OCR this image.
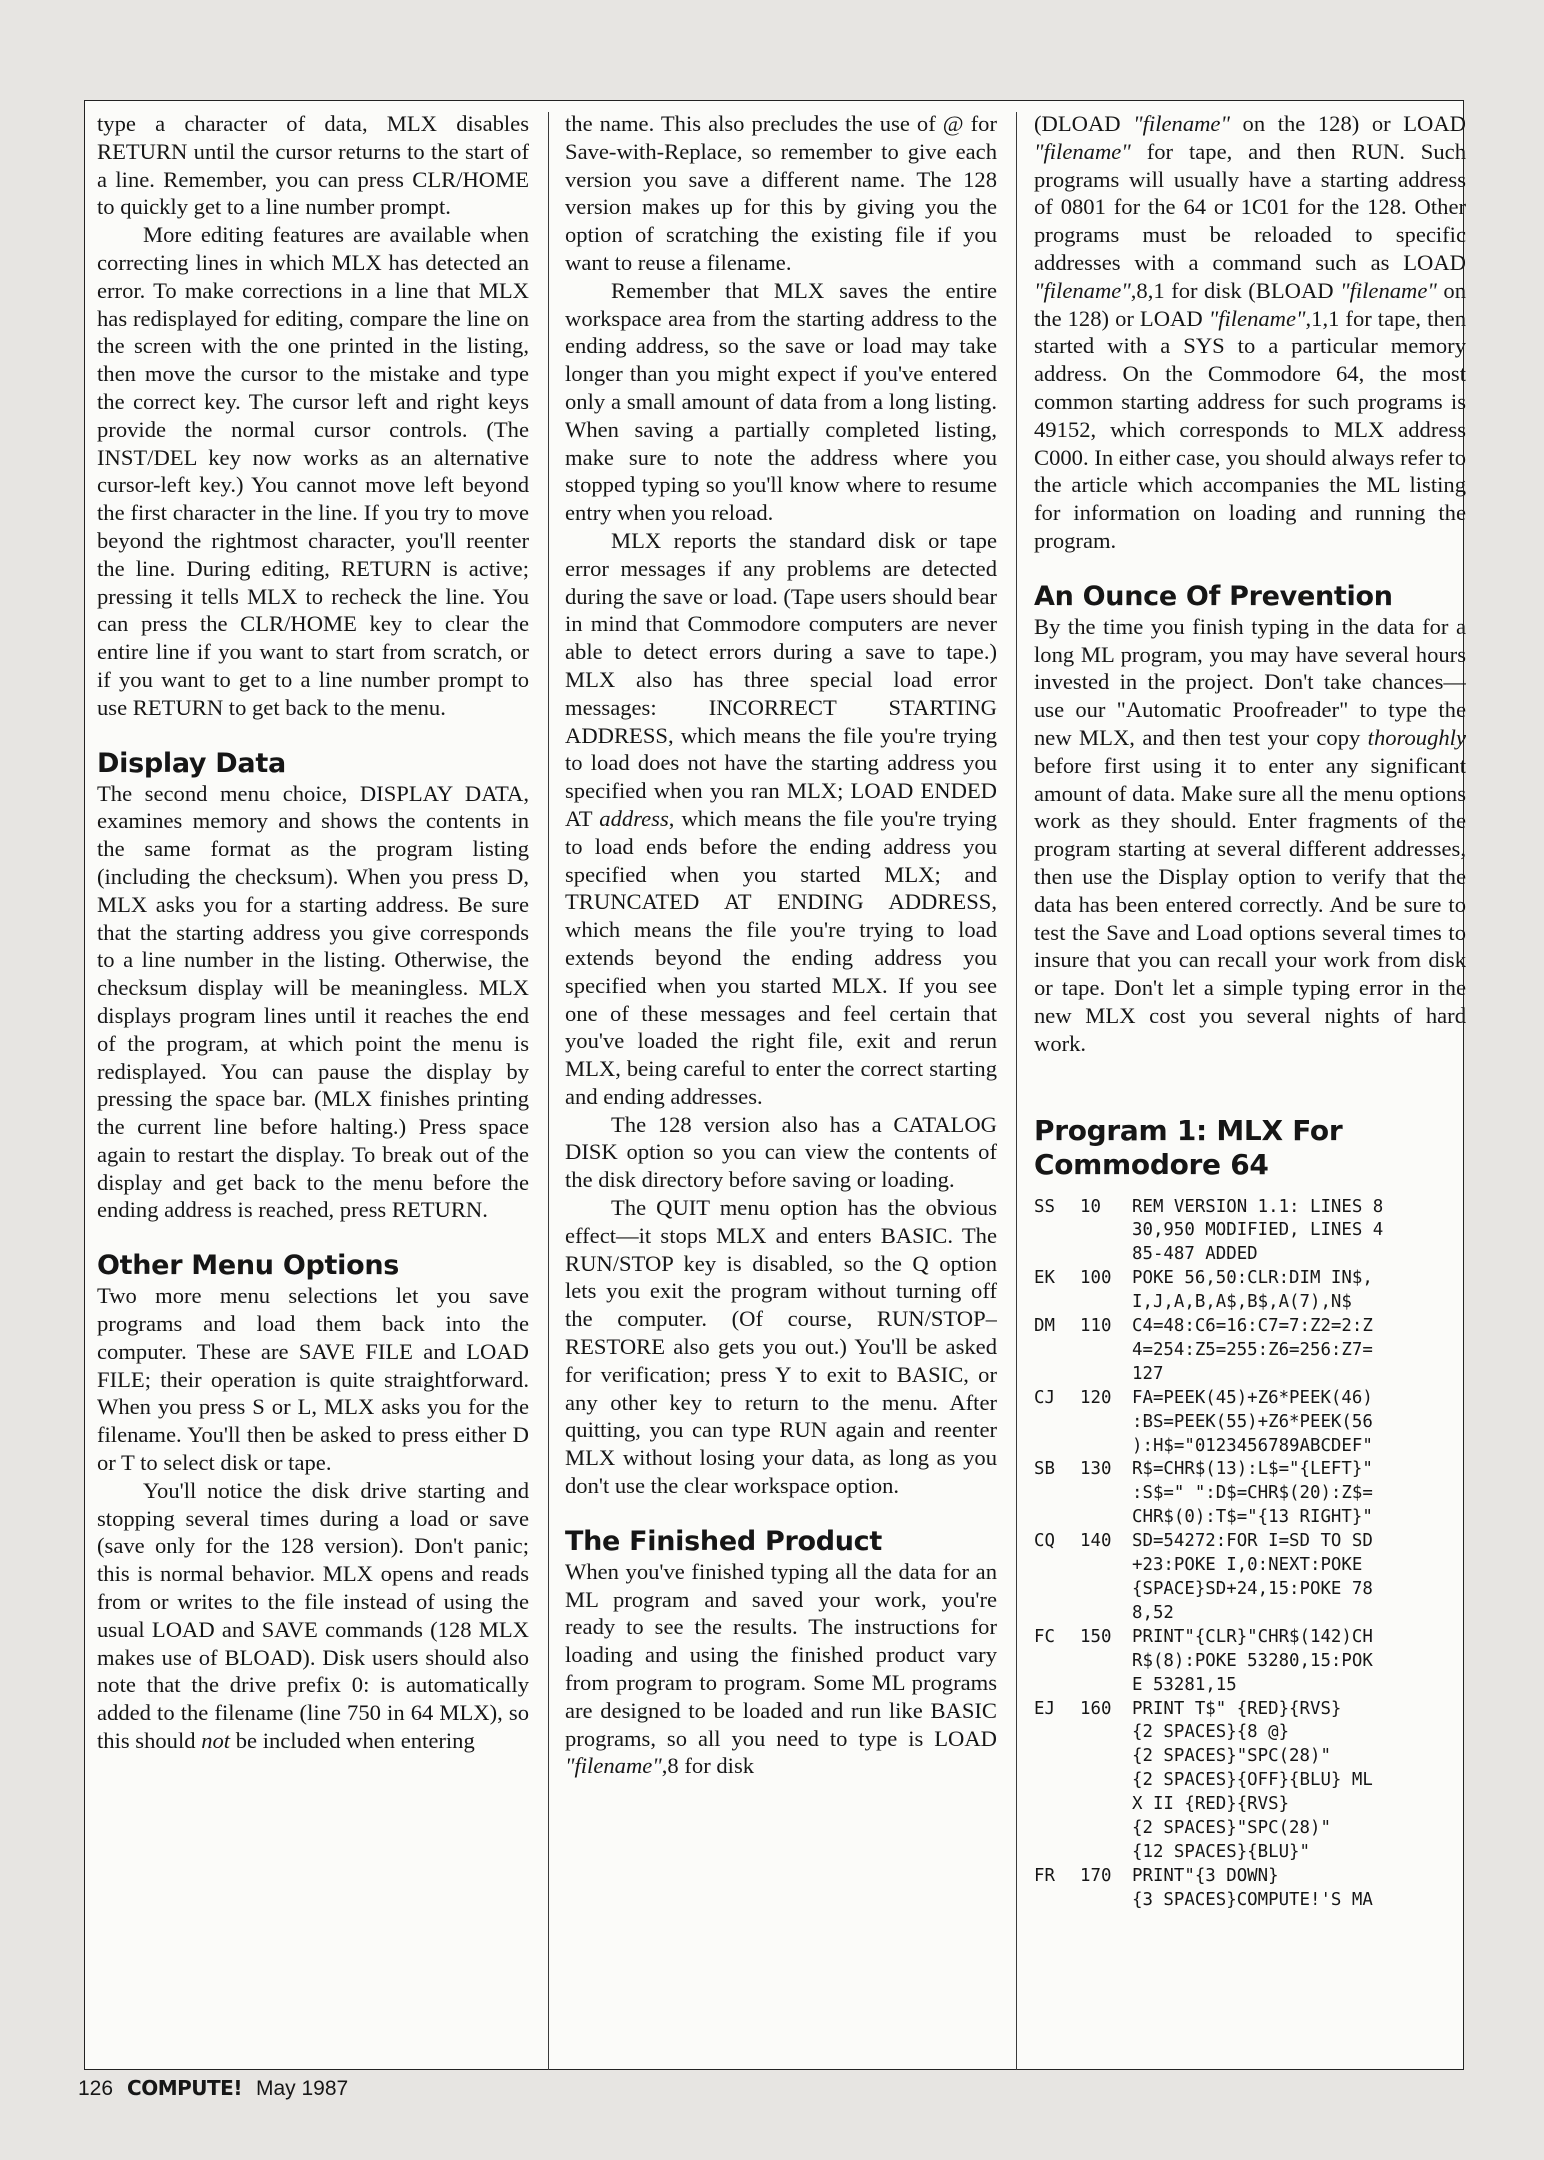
type a character of data, MLX disables RETURN until the cursor returns to the start of a line. Remember, you can press CLR/HOME to quickly get to a line number prompt.

More editing features are available when correcting lines in which MLX has detected an error. To make corrections in a line that MLX has redisplayed for editing, compare the line on the screen with the one printed in the listing, then move the cursor to the mistake and type the correct key. The cursor left and right keys provide the normal cursor controls. (The INST/DEL key now works as an alternative cursor-left key.) You cannot move left beyond the first character in the line. If you try to move beyond the rightmost character, you'll reenter the line. During editing, RETURN is active; pressing it tells MLX to recheck the line. You can press the CLR/HOME key to clear the entire line if you want to start from scratch, or if you want to get to a line number prompt to use RETURN to get back to the menu.

Display Data

The second menu choice, DISPLAY DATA, examines memory and shows the contents in the same format as the program listing (including the checksum). When you press D, MLX asks you for a starting address. Be sure that the starting address you give corresponds to a line number in the listing. Otherwise, the checksum display will be meaningless. MLX displays program lines until it reaches the end of the program, at which point the menu is redisplayed. You can pause the display by pressing the space bar. (MLX finishes printing the current line before halting.) Press space again to restart the display. To break out of the display and get back to the menu before the ending address is reached, press RETURN.

Other Menu Options

Two more menu selections let you save programs and load them back into the computer. These are SAVE FILE and LOAD FILE; their operation is quite straightforward. When you press S or L, MLX asks you for the filename. You'll then be asked to press either D or T to select disk or tape.

You'll notice the disk drive starting and stopping several times during a load or save (save only for the 128 version). Don't panic; this is normal behavior. MLX opens and reads from or writes to the file instead of using the usual LOAD and SAVE commands (128 MLX makes use of BLOAD). Disk users should also note that the drive prefix 0: is automatically added to the filename (line 750 in 64 MLX), so this should not be included when entering

the name. This also precludes the use of @ for Save-with-Replace, so remember to give each version you save a different name. The 128 version makes up for this by giving you the option of scratching the existing file if you want to reuse a filename.

Remember that MLX saves the entire workspace area from the starting address to the ending address, so the save or load may take longer than you might expect if you've entered only a small amount of data from a long listing. When saving a partially completed listing, make sure to note the address where you stopped typing so you'll know where to resume entry when you reload.

MLX reports the standard disk or tape error messages if any problems are detected during the save or load. (Tape users should bear in mind that Commodore computers are never able to detect errors during a save to tape.) MLX also has three special load error messages: INCORRECT STARTING ADDRESS, which means the file you're trying to load does not have the starting address you specified when you ran MLX; LOAD ENDED AT address, which means the file you're trying to load ends before the ending address you specified when you started MLX; and TRUNCATED AT ENDING ADDRESS, which means the file you're trying to load extends beyond the ending address you specified when you started MLX. If you see one of these messages and feel certain that you've loaded the right file, exit and rerun MLX, being careful to enter the correct starting and ending addresses.

The 128 version also has a CATALOG DISK option so you can view the contents of the disk directory before saving or loading.

The QUIT menu option has the obvious effect—it stops MLX and enters BASIC. The RUN/STOP key is disabled, so the Q option lets you exit the program without turning off the computer. (Of course, RUN/STOP–RESTORE also gets you out.) You'll be asked for verification; press Y to exit to BASIC, or any other key to return to the menu. After quitting, you can type RUN again and reenter MLX without losing your data, as long as you don't use the clear workspace option.

The Finished Product

When you've finished typing all the data for an ML program and saved your work, you're ready to see the results. The instructions for loading and using the finished product vary from program to program. Some ML programs are designed to be loaded and run like BASIC programs, so all you need to type is LOAD "filename",8 for disk

(DLOAD "filename" on the 128) or LOAD "filename" for tape, and then RUN. Such programs will usually have a starting address of 0801 for the 64 or 1C01 for the 128. Other programs must be reloaded to specific addresses with a command such as LOAD "filename",8,1 for disk (BLOAD "filename" on the 128) or LOAD "filename",1,1 for tape, then started with a SYS to a particular memory address. On the Commodore 64, the most common starting address for such programs is 49152, which corresponds to MLX address C000. In either case, you should always refer to the article which accompanies the ML listing for information on loading and running the program.

An Ounce Of Prevention

By the time you finish typing in the data for a long ML program, you may have several hours invested in the project. Don't take chances—use our "Automatic Proofreader" to type the new MLX, and then test your copy thoroughly before first using it to enter any significant amount of data. Make sure all the menu options work as they should. Enter fragments of the program starting at several different addresses, then use the Display option to verify that the data has been entered correctly. And be sure to test the Save and Load options several times to insure that you can recall your work from disk or tape. Don't let a simple typing error in the new MLX cost you several nights of hard work.

Program 1: MLX For
Commodore 64
SS	10	REM VERSION 1.1: LINES 8
30,950 MODIFIED, LINES 4
85-487 ADDED
EK	100	POKE 56,50:CLR:DIM IN$,
I,J,A,B,A$,B$,A(7),N$
DM	110	C4=48:C6=16:C7=7:Z2=2:Z
4=254:Z5=255:Z6=256:Z7=
127
CJ	120	FA=PEEK(45)+Z6*PEEK(46)
:BS=PEEK(55)+Z6*PEEK(56
):H$="0123456789ABCDEF"
SB	130	R$=CHR$(13):L$="{LEFT}"
:S$=" ":D$=CHR$(20):Z$=
CHR$(0):T$="{13 RIGHT}"
CQ	140	SD=54272:FOR I=SD TO SD
+23:POKE I,0:NEXT:POKE
{SPACE}SD+24,15:POKE 78
8,52
FC	150	PRINT"{CLR}"CHR$(142)CH
R$(8):POKE 53280,15:POK
E 53281,15
EJ	160	PRINT T$" {RED}{RVS}
{2 SPACES}{8 @}
{2 SPACES}"SPC(28)"
{2 SPACES}{OFF}{BLU} ML
X II {RED}{RVS}
{2 SPACES}"SPC(28)"
{12 SPACES}{BLU}"
FR	170	PRINT"{3 DOWN}
{3 SPACES}COMPUTE!'S MA
126 COMPUTE! May 1987
